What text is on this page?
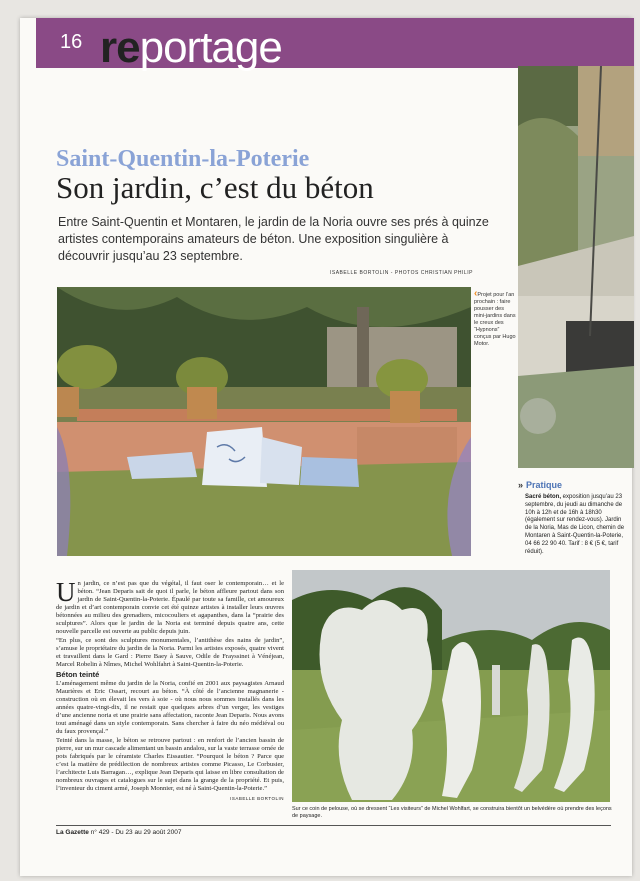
16 reportage
Saint-Quentin-la-Poterie
Son jardin, c’est du béton
Entre Saint-Quentin et Montaren, le jardin de la Noria ouvre ses prés à quinze artistes contemporains amateurs de béton. Une exposition singulière à découvrir jusqu’au 23 septembre.
ISABELLE BORTOLIN - PHOTOS CHRISTIAN PHILIP
‹Projet pour l’an prochain : faire pousser des mini-jardins dans le creux des “Hypnons” conçus par Hugo Motor.
» Pratique
Sacré béton, exposition jusqu’au 23 septembre, du jeudi au dimanche de 10h à 12h et de 16h à 18h30 (également sur rendez-vous). Jardin de la Noria, Mas de Licon, chemin de Montaren à Saint-Quentin-la-Poterie, 04 66 22 90 40. Tarif : 8 € (5 €, tarif réduit).

Un jardin, ce n’est pas que du végétal, il faut oser le contemporain… et le béton. “Jean Deparis sait de quoi il parle, le béton affleure partout dans son jardin de Saint-Quentin-la-Poterie. Épaulé par toute sa famille, cet amoureux de jardin et d’art contemporain convie cet été quinze artistes à installer leurs œuvres bétonnées au milieu des grenadiers, micocouliers et agapanthes, dans la “prairie des sculptures”. Alors que le jardin de la Noria est terminé depuis quatre ans, cette nouvelle parcelle est ouverte au public depuis juin.

“En plus, ce sont des sculptures monumentales, l’antithèse des nains de jardin”, s’amuse le propriétaire du jardin de la Noria. Parmi les artistes exposés, quatre vivent et travaillent dans le Gard : Pierre Baey à Sauve, Odile de Frayssinet à Vénéjean, Marcel Robelin à Nîmes, Michel Wohlfahrt à Saint-Quentin-la-Poterie.

Béton teinté

L’aménagement même du jardin de la Noria, confié en 2001 aux paysagistes Arnaud Maurières et Eric Ossart, recourt au béton. “À côté de l’ancienne magnanerie - construction où en élevait les vers à soie - où nous nous sommes installés dans les années quatre-vingt-dix, il ne restait que quelques arbres d’un verger, les vestiges d’une ancienne noria et une prairie sans affectation, raconte Jean Deparis. Nous avons tout aménagé dans un style contemporain. Sans chercher à faire du néo médiéval ou du faux provençal.”

Teinté dans la masse, le béton se retrouve partout : en renfort de l’ancien bassin de pierre, sur un mur cascade alimentant un bassin andalou, sur la vaste terrasse ornée de pots fabriqués par le céramiste Charles Eissautier. “Pourquoi le béton ? Parce que c’est la matière de prédilection de nombreux artistes comme Picasso, Le Corbusier, l’architecte Luis Barragan…, explique Jean Deparis qui laisse en libre consultation de nombreux ouvrages et catalogues sur le sujet dans la grange de la propriété. Et puis, l’inventeur du ciment armé, Joseph Monnier, est né à Saint-Quentin-la-Poterie.”

ISABELLE BORTOLIN
Sur ce coin de pelouse, où se dressent “Les visiteurs” de Michel Wohlfart, se construira bientôt un belvédère où prendre des leçons de paysage.
La Gazette n° 429 - Du 23 au 29 août 2007
